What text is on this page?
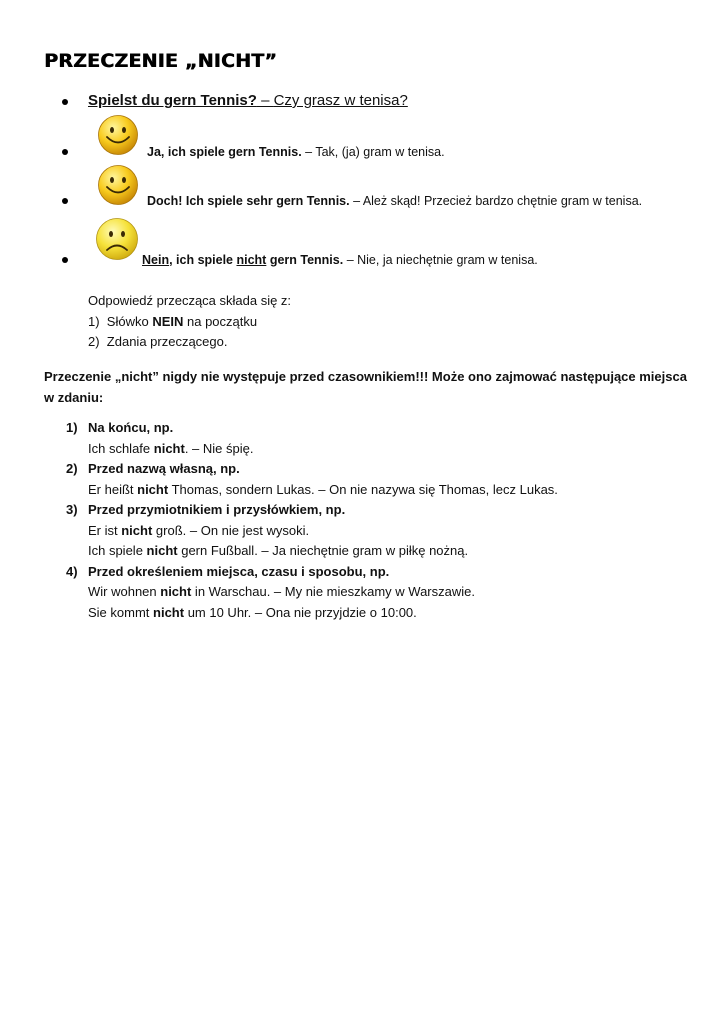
PRZECZENIE „NICHT”
Spielst du gern Tennis? – Czy grasz w tenisa?
Ja, ich spiele gern Tennis. – Tak, (ja) gram w tenisa.
Doch! Ich spiele sehr gern Tennis. – Ależ skąd! Przecież bardzo chętnie gram w tenisa.
Nein, ich spiele nicht gern Tennis. – Nie, ja niechętnie gram w tenisa.
Odpowiedź przecząca składa się z:
1) Słówko NEIN na początku
2) Zdania przeczącego.
Przeczenie „nicht” nigdy nie występuje przed czasownikiem!!! Może ono zajmować następujące miejsca w zdaniu:
1) Na końcu, np.
Ich schlafe nicht. – Nie śpię.
2) Przed nazwą własną, np.
Er heißt nicht Thomas, sondern Lukas. – On nie nazywa się Thomas, lecz Lukas.
3) Przed przymiotnikiem i przysłówkiem, np.
Er ist nicht groß. – On nie jest wysoki.
Ich spiele nicht gern Fußball. – Ja niechętnie gram w piłkę nożną.
4) Przed określeniem miejsca, czasu i sposobu, np.
Wir wohnen nicht in Warschau. – My nie mieszkamy w Warszawie.
Sie kommt nicht um 10 Uhr. – Ona nie przyjdzie o 10:00.
